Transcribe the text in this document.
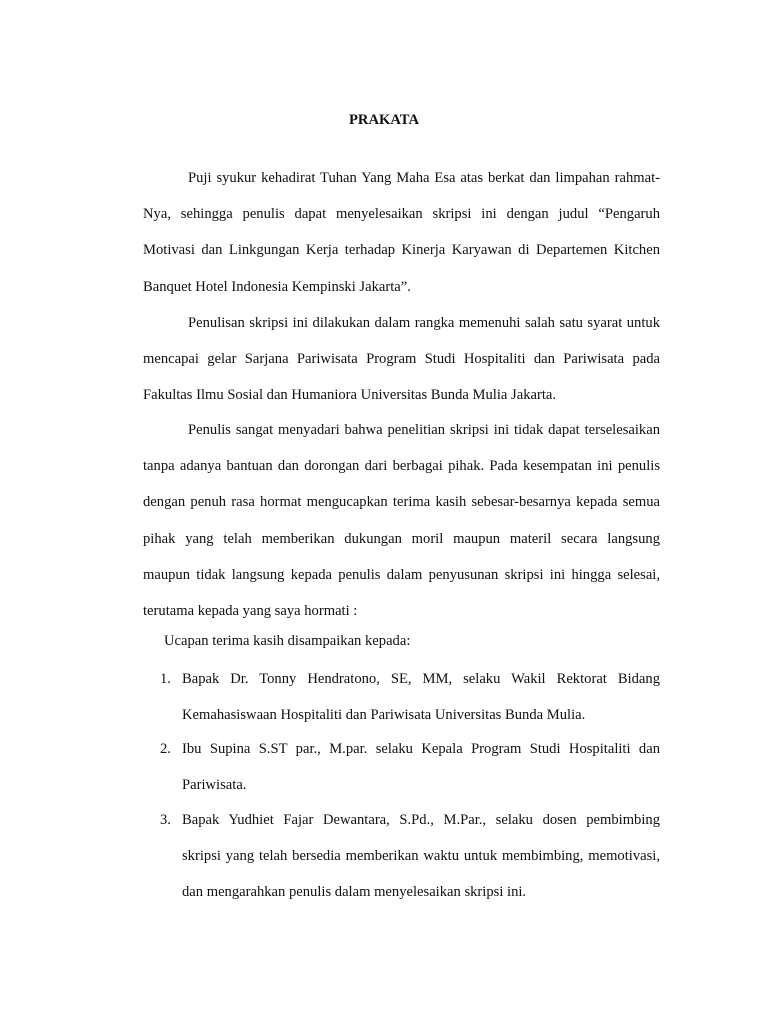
PRAKATA
Puji syukur kehadirat Tuhan Yang Maha Esa atas berkat dan limpahan rahmat-
Nya, sehingga penulis dapat menyelesaikan skripsi ini dengan judul “Pengaruh
Motivasi dan Linkgungan Kerja terhadap Kinerja Karyawan di Departemen Kitchen
Banquet Hotel Indonesia Kempinski Jakarta”.
Penulisan skripsi ini dilakukan dalam rangka memenuhi salah satu syarat untuk
mencapai gelar Sarjana Pariwisata Program Studi Hospitaliti dan Pariwisata pada
Fakultas Ilmu Sosial dan Humaniora Universitas Bunda Mulia Jakarta.
Penulis sangat menyadari bahwa penelitian skripsi ini tidak dapat terselesaikan
tanpa adanya bantuan dan dorongan dari berbagai pihak. Pada kesempatan ini penulis
dengan penuh rasa hormat mengucapkan terima kasih sebesar-besarnya kepada semua
pihak yang telah memberikan dukungan moril maupun materil secara langsung
maupun tidak langsung kepada penulis dalam penyusunan skripsi ini hingga selesai,
terutama kepada yang saya hormati :
Ucapan terima kasih disampaikan kepada:
1. Bapak Dr. Tonny Hendratono, SE, MM, selaku Wakil Rektorat Bidang
Kemahasiswaan Hospitaliti dan Pariwisata Universitas Bunda Mulia.
2. Ibu Supina S.ST par., M.par. selaku Kepala Program Studi Hospitaliti dan
Pariwisata.
3. Bapak Yudhiet Fajar Dewantara, S.Pd., M.Par., selaku dosen pembimbing
skripsi yang telah bersedia memberikan waktu untuk membimbing, memotivasi,
dan mengarahkan penulis dalam menyelesaikan skripsi ini.
